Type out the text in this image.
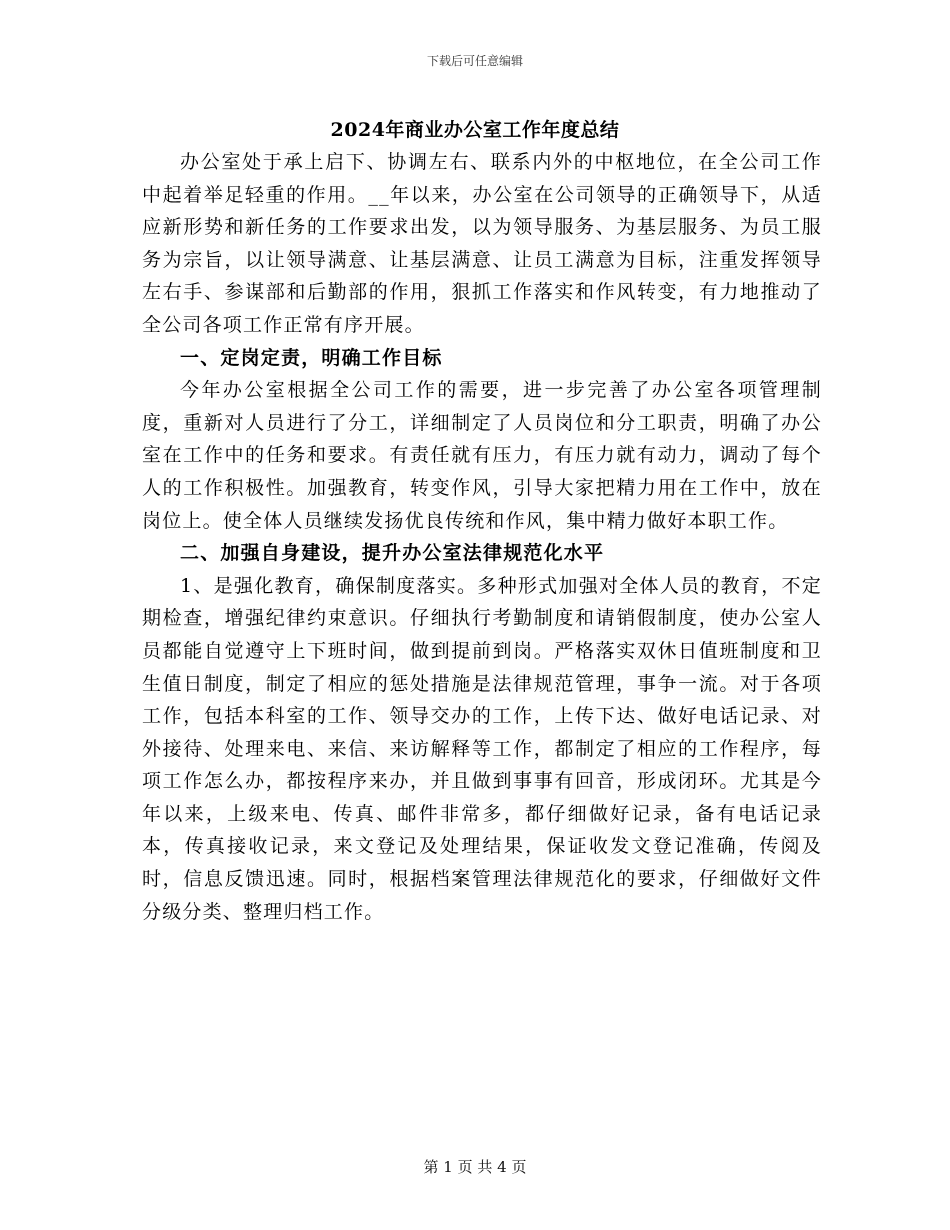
下载后可任意编辑
2024年商业办公室工作年度总结

办公室处于承上启下、协调左右、联系内外的中枢地位，在全公司工作中起着举足轻重的作用。__年以来，办公室在公司领导的正确领导下，从适应新形势和新任务的工作要求出发，以为领导服务、为基层服务、为员工服务为宗旨，以让领导满意、让基层满意、让员工满意为目标，注重发挥领导左右手、参谋部和后勤部的作用，狠抓工作落实和作风转变，有力地推动了全公司各项工作正常有序开展。

一、定岗定责，明确工作目标

今年办公室根据全公司工作的需要，进一步完善了办公室各项管理制度，重新对人员进行了分工，详细制定了人员岗位和分工职责，明确了办公室在工作中的任务和要求。有责任就有压力，有压力就有动力，调动了每个人的工作积极性。加强教育，转变作风，引导大家把精力用在工作中，放在岗位上。使全体人员继续发扬优良传统和作风，集中精力做好本职工作。

二、加强自身建设，提升办公室法律规范化水平

1、是强化教育，确保制度落实。多种形式加强对全体人员的教育，不定期检查，增强纪律约束意识。仔细执行考勤制度和请销假制度，使办公室人员都能自觉遵守上下班时间，做到提前到岗。严格落实双休日值班制度和卫生值日制度，制定了相应的惩处措施是法律规范管理，事争一流。对于各项工作，包括本科室的工作、领导交办的工作，上传下达、做好电话记录、对外接待、处理来电、来信、来访解释等工作，都制定了相应的工作程序，每项工作怎么办，都按程序来办，并且做到事事有回音，形成闭环。尤其是今年以来，上级来电、传真、邮件非常多，都仔细做好记录，备有电话记录本，传真接收记录，来文登记及处理结果，保证收发文登记准确，传阅及时，信息反馈迅速。同时，根据档案管理法律规范化的要求，仔细做好文件分级分类、整理归档工作。

第 1 页 共 4 页
